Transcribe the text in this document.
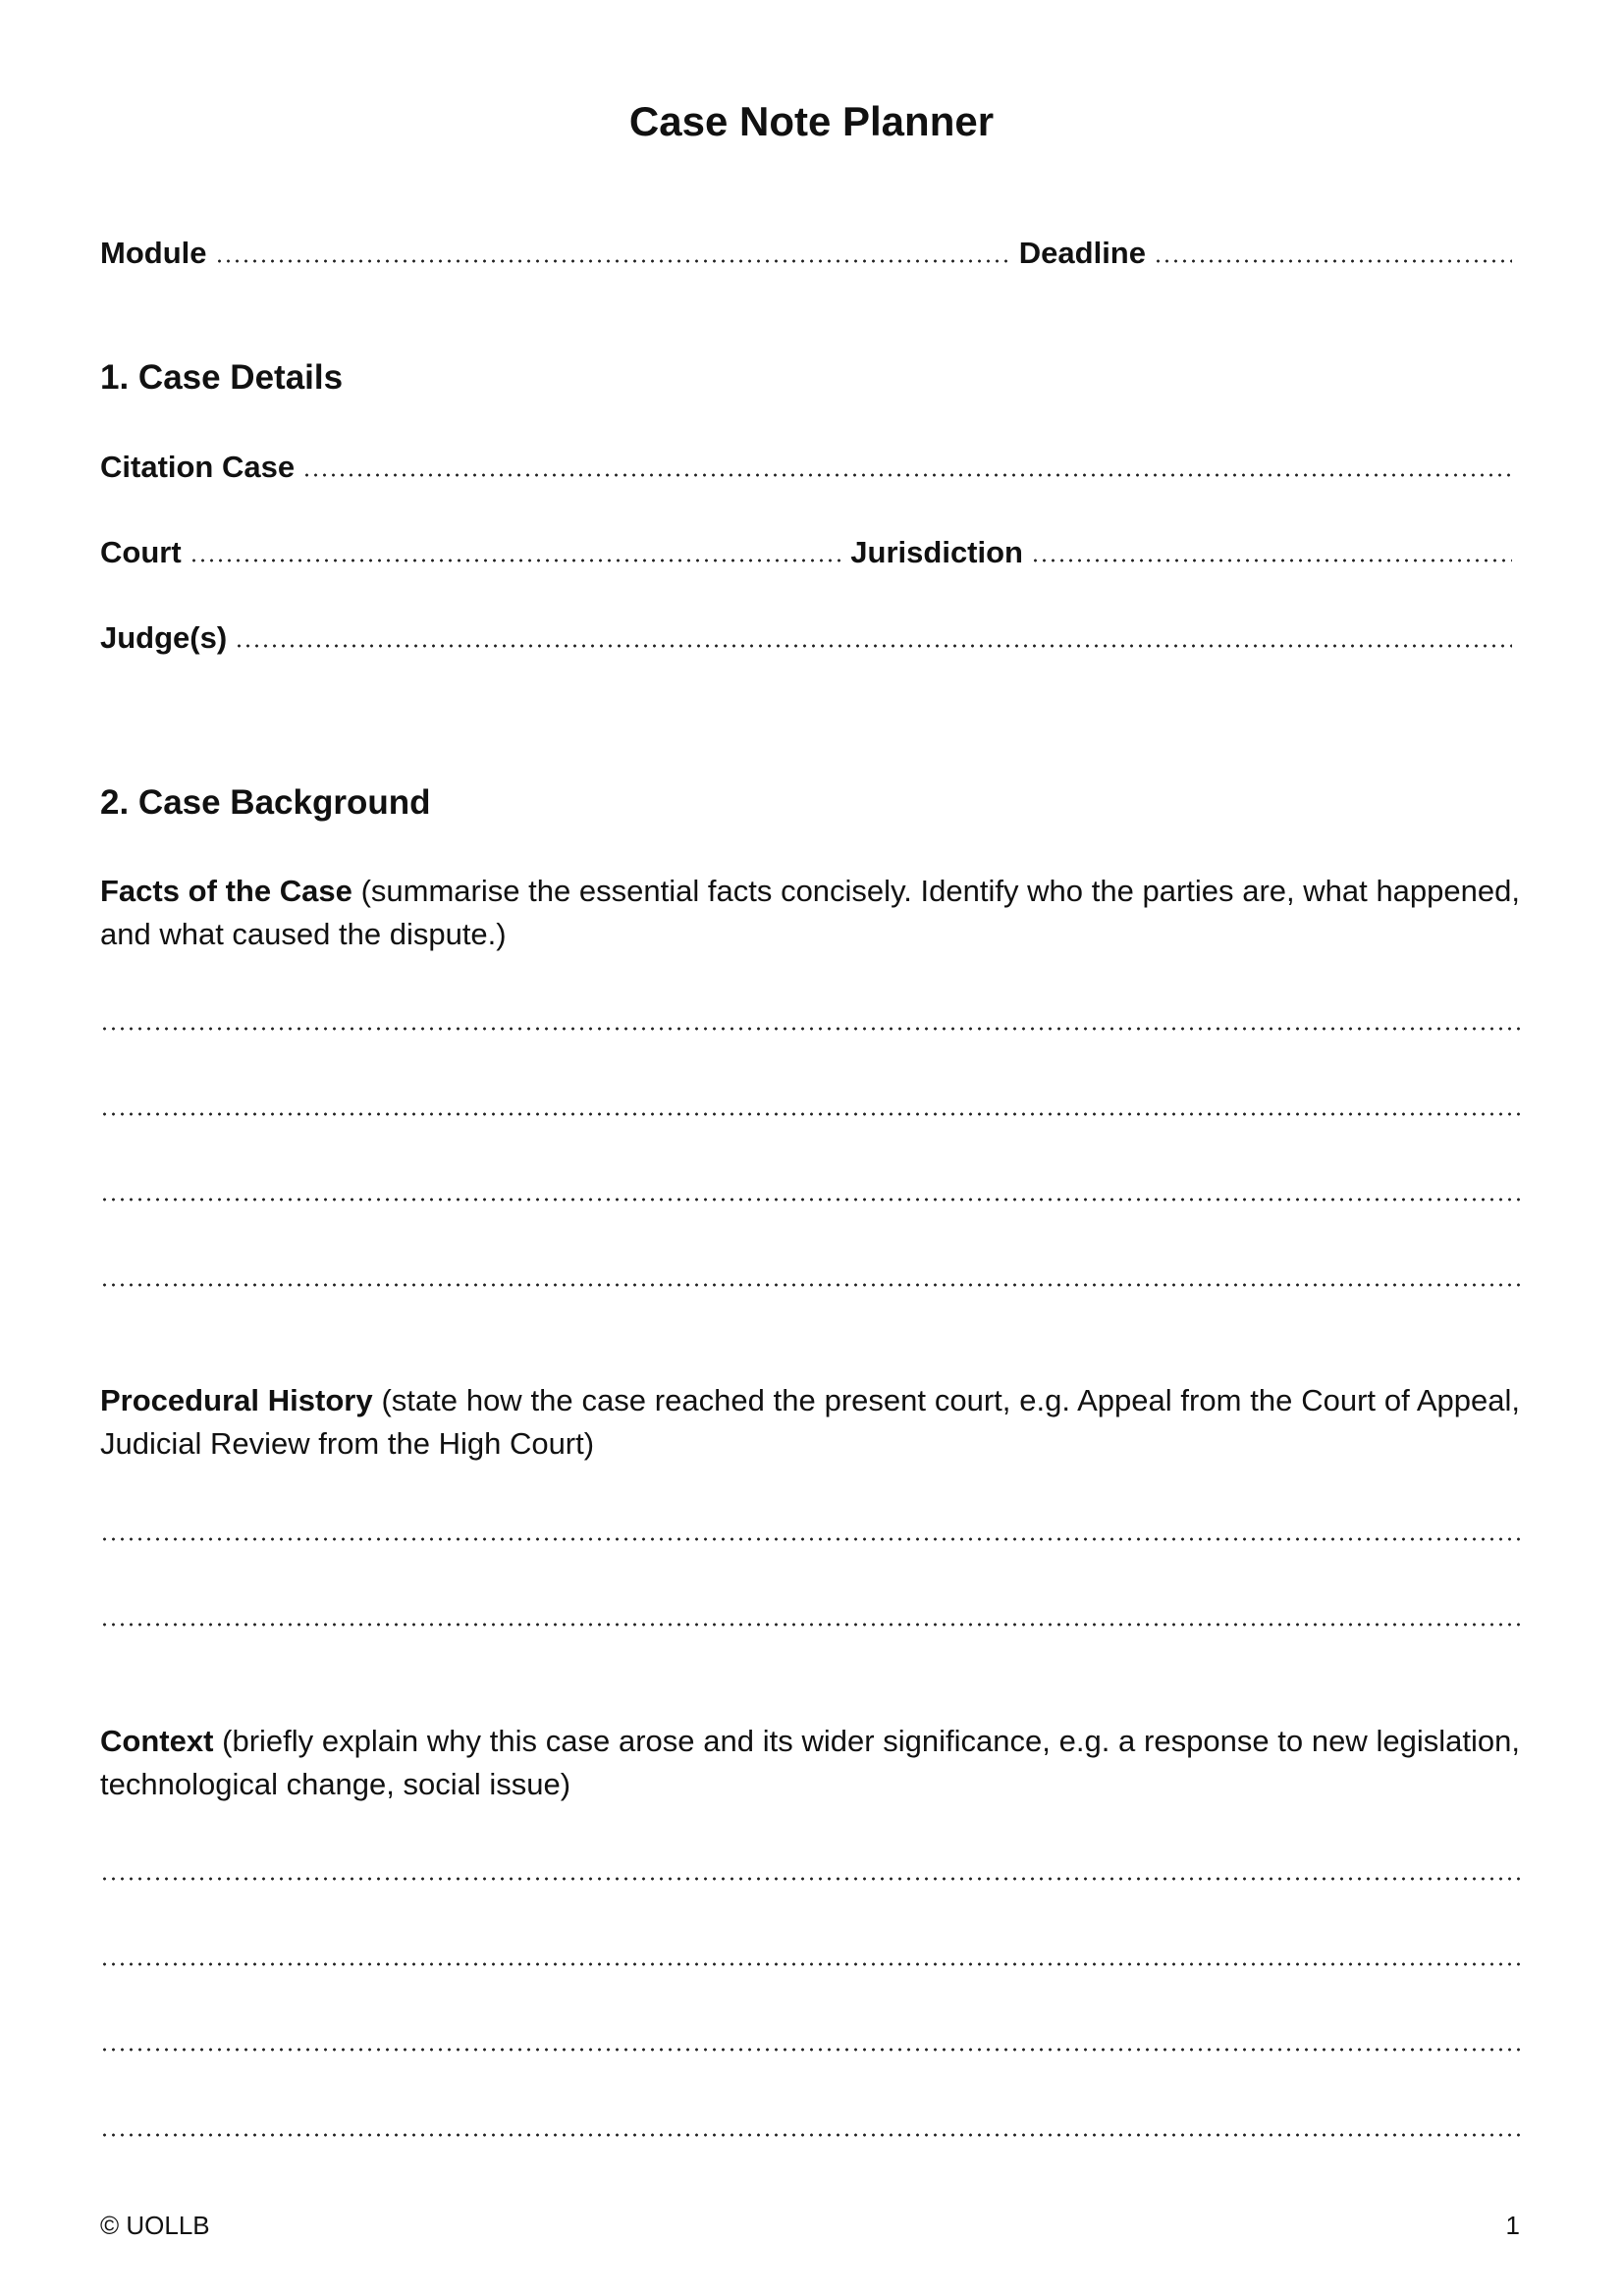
Case Note Planner
Module	Deadline
1. Case Details
Citation Case
Court	Jurisdiction
Judge(s)
2. Case Background
Facts of the Case (summarise the essential facts concisely. Identify who the parties are, what happened, and what caused the dispute.)
Procedural History (state how the case reached the present court, e.g. Appeal from the Court of Appeal, Judicial Review from the High Court)
Context (briefly explain why this case arose and its wider significance, e.g. a response to new legislation, technological change, social issue)
© UOLLB	1
